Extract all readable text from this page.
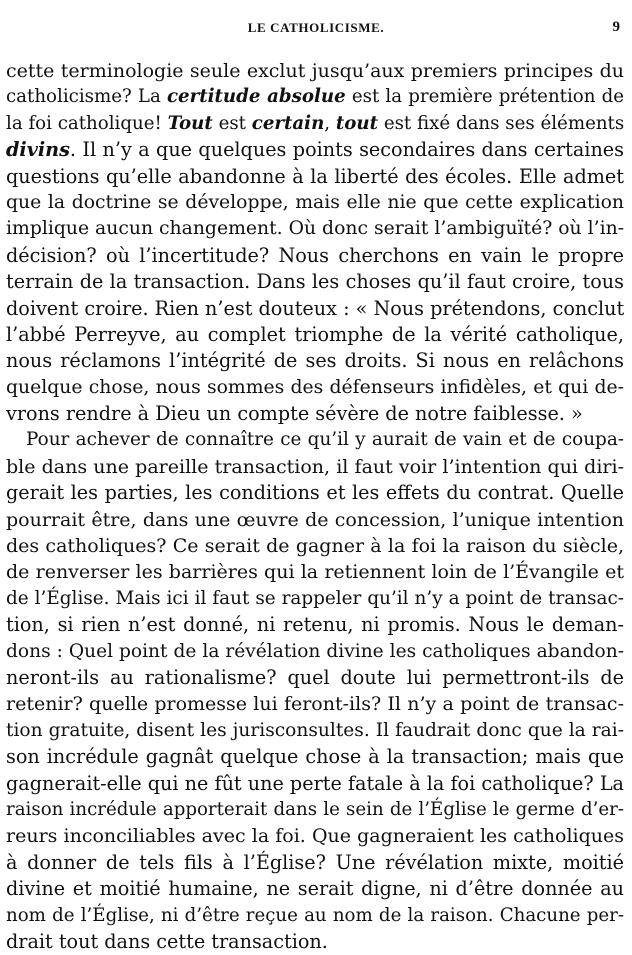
LE CATHOLICISME.	9
cette terminologie seule exclut jusqu’aux premiers principes du
catholicisme? La certitude absolue est la première prétention de
la foi catholique! Tout est certain, tout est fixé dans ses éléments
divins. Il n’y a que quelques points secondaires dans certaines
questions qu’elle abandonne à la liberté des écoles. Elle admet
que la doctrine se développe, mais elle nie que cette explication
implique aucun changement. Où donc serait l’ambiguïté? où l’in-
décision? où l’incertitude? Nous cherchons en vain le propre
terrain de la transaction. Dans les choses qu’il faut croire, tous
doivent croire. Rien n’est douteux : « Nous prétendons, conclut
l’abbé Perreyve, au complet triomphe de la vérité catholique,
nous réclamons l’intégrité de ses droits. Si nous en relâchons
quelque chose, nous sommes des défenseurs infidèles, et qui de-
vrons rendre à Dieu un compte sévère de notre faiblesse. »
Pour achever de connaître ce qu’il y aurait de vain et de coupa-
ble dans une pareille transaction, il faut voir l’intention qui diri-
gerait les parties, les conditions et les effets du contrat. Quelle
pourrait être, dans une œuvre de concession, l’unique intention
des catholiques? Ce serait de gagner à la foi la raison du siècle,
de renverser les barrières qui la retiennent loin de l’Évangile et
de l’Église. Mais ici il faut se rappeler qu’il n’y a point de transac-
tion, si rien n’est donné, ni retenu, ni promis. Nous le deman-
dons : Quel point de la révélation divine les catholiques abandon-
neront-ils au rationalisme? quel doute lui permettront-ils de
retenir? quelle promesse lui feront-ils? Il n’y a point de transac-
tion gratuite, disent les jurisconsultes. Il faudrait donc que la rai-
son incrédule gagnât quelque chose à la transaction; mais que
gagnerait-elle qui ne fût une perte fatale à la foi catholique? La
raison incrédule apporterait dans le sein de l’Église le germe d’er-
reurs inconciliables avec la foi. Que gagneraient les catholiques
à donner de tels fils à l’Église? Une révélation mixte, moitié
divine et moitié humaine, ne serait digne, ni d’être donnée au
nom de l’Église, ni d’être reçue au nom de la raison. Chacune per-
drait tout dans cette transaction.
